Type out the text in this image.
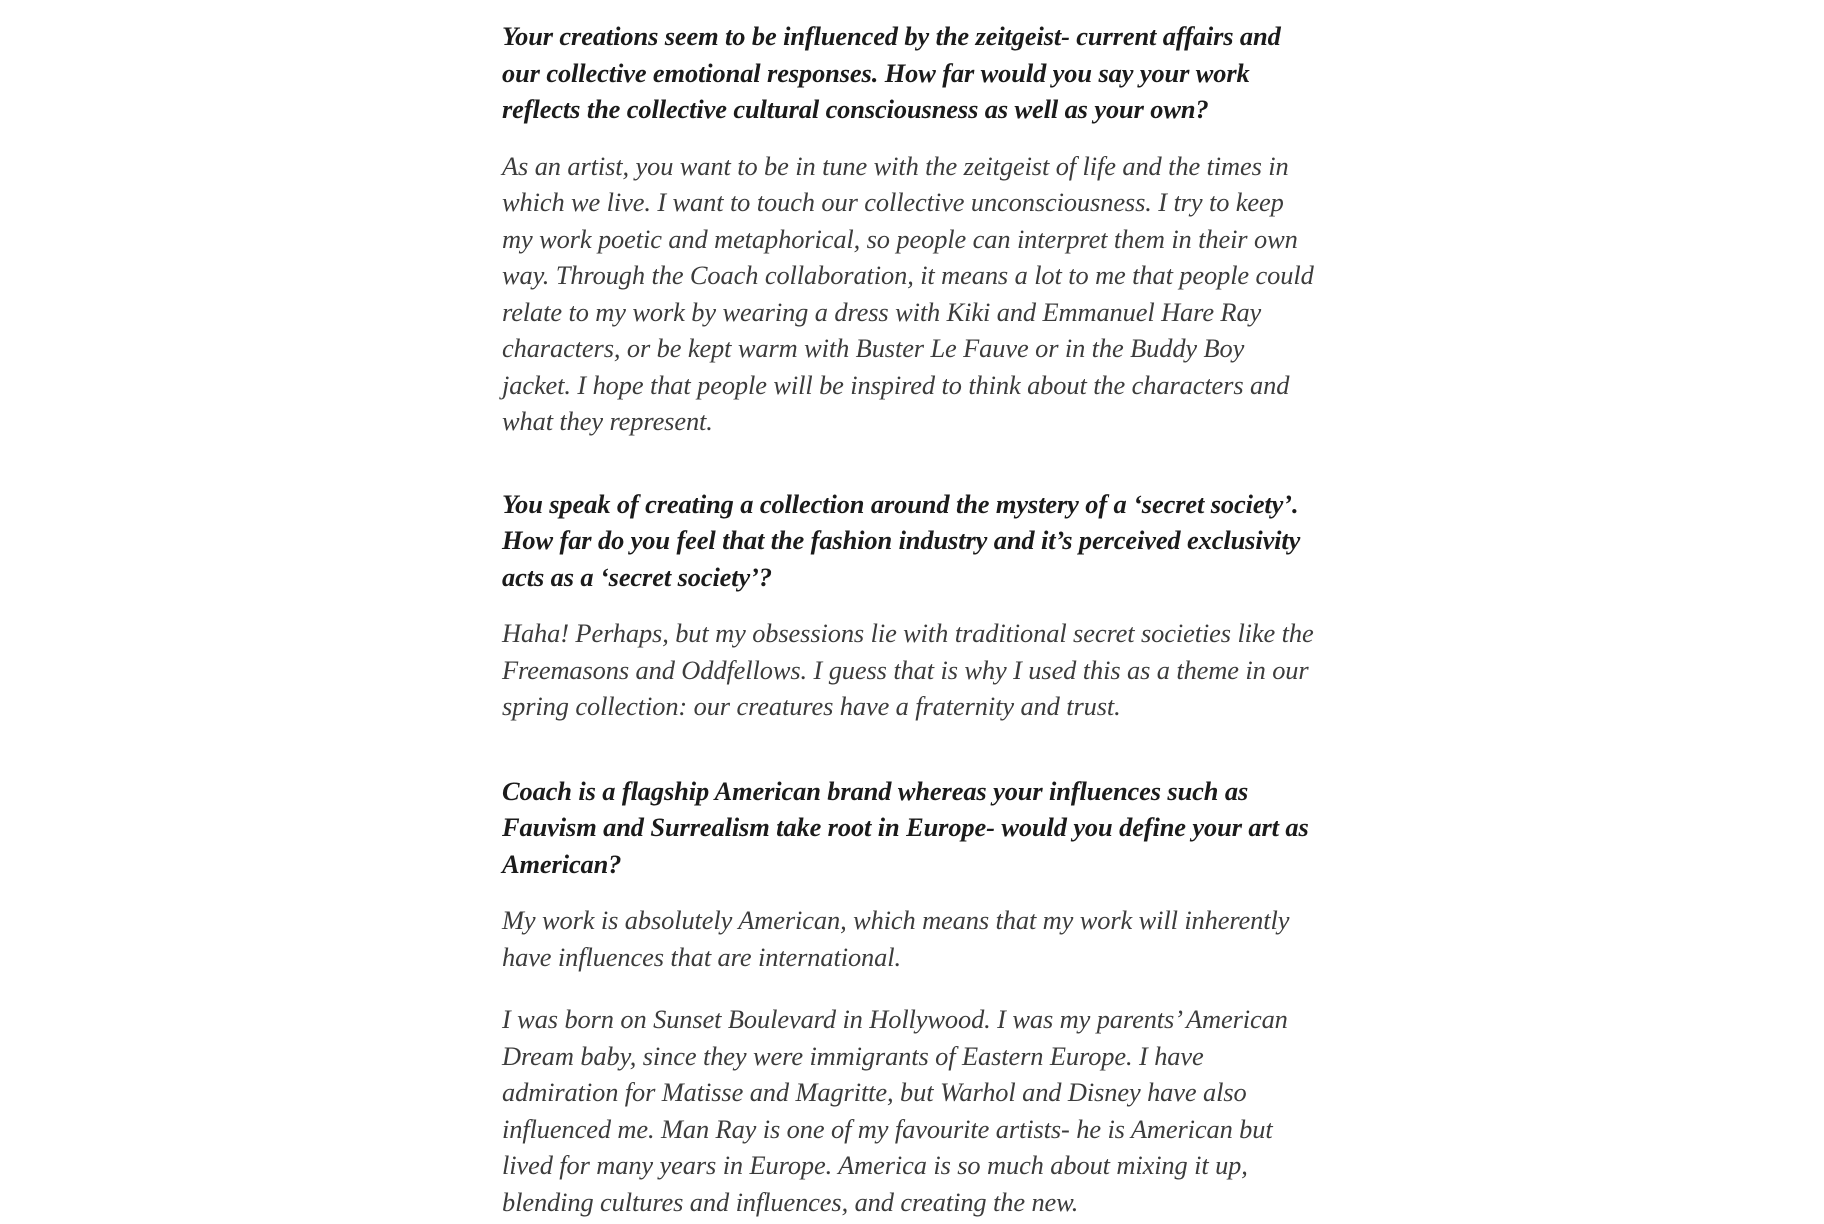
Your creations seem to be influenced by the zeitgeist- current affairs and our collective emotional responses. How far would you say your work reflects the collective cultural consciousness as well as your own?

As an artist, you want to be in tune with the zeitgeist of life and the times in which we live. I want to touch our collective unconsciousness. I try to keep my work poetic and metaphorical, so people can interpret them in their own way. Through the Coach collaboration, it means a lot to me that people could relate to my work by wearing a dress with Kiki and Emmanuel Hare Ray characters, or be kept warm with Buster Le Fauve or in the Buddy Boy jacket. I hope that people will be inspired to think about the characters and what they represent.

You speak of creating a collection around the mystery of a ‘secret society’. How far do you feel that the fashion industry and it’s perceived exclusivity acts as a ‘secret society’?

Haha! Perhaps, but my obsessions lie with traditional secret societies like the Freemasons and Oddfellows. I guess that is why I used this as a theme in our spring collection: our creatures have a fraternity and trust.

Coach is a flagship American brand whereas your influences such as Fauvism and Surrealism take root in Europe- would you define your art as American?

My work is absolutely American, which means that my work will inherently have influences that are international.

I was born on Sunset Boulevard in Hollywood. I was my parents’ American Dream baby, since they were immigrants of Eastern Europe. I have admiration for Matisse and Magritte, but Warhol and Disney have also influenced me. Man Ray is one of my favourite artists- he is American but lived for many years in Europe. America is so much about mixing it up, blending cultures and influences, and creating the new.
